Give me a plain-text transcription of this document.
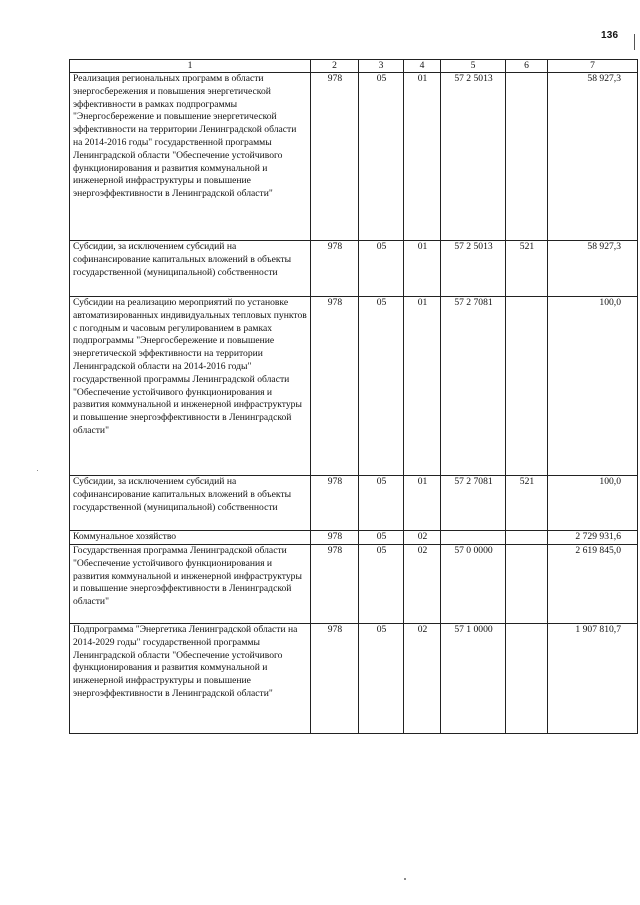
136
1	2	3	4	5	6	7
Реализация региональных программ в области энергосбережения и повышения энергетической эффективности в рамках подпрограммы "Энергосбережение и повышение энергетической эффективности на территории Ленинградской области на 2014-2016 годы" государственной программы Ленинградской области "Обеспечение устойчивого функционирования и развития коммунальной и инженерной инфраструктуры и повышение энергоэффективности в Ленинградской области"	978	05	01	57 2 5013		58 927,3
Субсидии, за исключением субсидий на софинансирование капитальных вложений в объекты государственной (муниципальной) собственности	978	05	01	57 2 5013	521	58 927,3
Субсидии на реализацию мероприятий по установке автоматизированных индивидуальных тепловых пунктов с погодным и часовым регулированием в рамках подпрограммы "Энергосбережение и повышение энергетической эффективности на территории Ленинградской области на 2014-2016 годы" государственной программы Ленинградской области "Обеспечение устойчивого функционирования и развития коммунальной и инженерной инфраструктуры и повышение энергоэффективности в Ленинградской области"	978	05	01	57 2 7081		100,0
Субсидии, за исключением субсидий на софинансирование капитальных вложений в объекты государственной (муниципальной) собственности	978	05	01	57 2 7081	521	100,0
Коммунальное хозяйство	978	05	02			2 729 931,6
Государственная программа Ленинградской области "Обеспечение устойчивого функционирования и развития коммунальной и инженерной инфраструктуры и повышение энергоэффективности в Ленинградской области"	978	05	02	57 0 0000		2 619 845,0
Подпрограмма "Энергетика Ленинградской области на 2014-2029 годы" государственной программы Ленинградской области "Обеспечение устойчивого функционирования и развития коммунальной и инженерной инфраструктуры и повышение энергоэффективности в Ленинградской области"	978	05	02	57 1 0000		1 907 810,7
